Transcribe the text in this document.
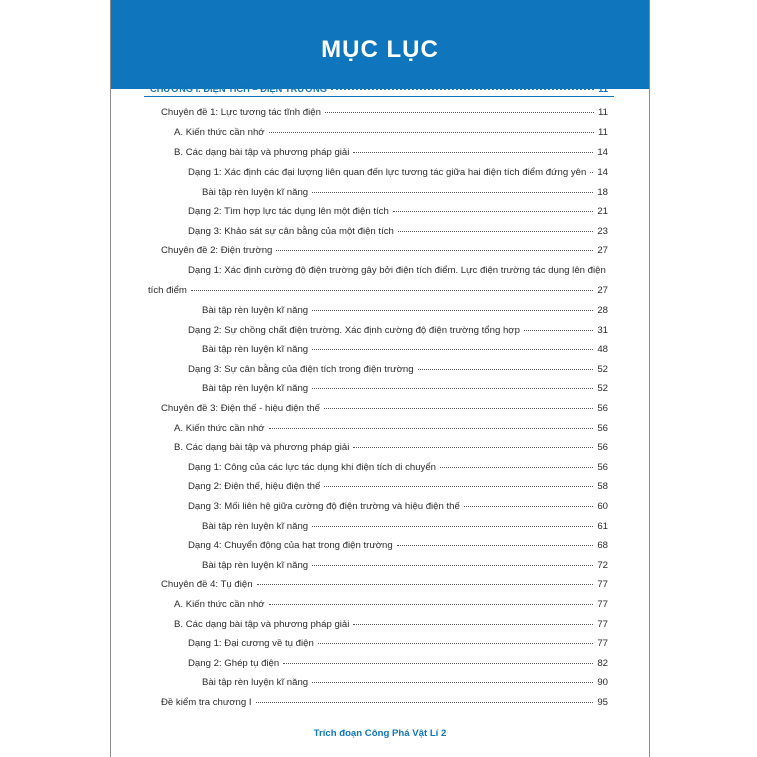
MỤC LỤC
CHƯƠNG I. ĐIỆN TÍCH – ĐIỆN TRƯỜNG	11
Chuyên đề 1: Lực tương tác tĩnh điện	11
A. Kiến thức cần nhớ	11
B. Các dạng bài tập và phương pháp giải	14
Dạng 1: Xác định các đại lượng liên quan đến lực tương tác giữa hai điện tích điểm đứng yên 14
Bài tập rèn luyện kĩ năng	18
Dạng 2: Tìm hợp lực tác dụng lên một điện tích	21
Dạng 3: Khảo sát sự cân bằng của một điện tích	23
Chuyên đề 2: Điện trường	27
Dạng 1: Xác định cường độ điện trường gây bởi điện tích điểm. Lực điện trường tác dụng lên điện
tích điểm	27
Bài tập rèn luyện kĩ năng	28
Dạng 2: Sự chồng chất điện trường. Xác định cường độ điện trường tổng hợp	31
Bài tập rèn luyện kĩ năng	48
Dạng 3: Sự cân bằng của điện tích trong điện trường	52
Bài tập rèn luyện kĩ năng	52
Chuyên đề 3: Điện thế - hiệu điện thế	56
A. Kiến thức cần nhớ	56
B. Các dạng bài tập và phương pháp giải	56
Dạng 1: Công của các lực tác dụng khi điện tích di chuyển	56
Dạng 2: Điện thế, hiệu điện thế	58
Dạng 3: Mối liên hệ giữa cường độ điện trường và hiệu điện thế	60
Bài tập rèn luyện kĩ năng	61
Dạng 4: Chuyển động của hạt trong điện trường	68
Bài tập rèn luyện kĩ năng	72
Chuyên đề 4: Tụ điện	77
A. Kiến thức cần nhớ	77
B. Các dạng bài tập và phương pháp giải	77
Dạng 1: Đại cương về tụ điện	77
Dạng 2: Ghép tụ điện	82
Bài tập rèn luyện kĩ năng	90
Đề kiểm tra chương I	95
Trích đoạn Công Phá Vật Lí 2
